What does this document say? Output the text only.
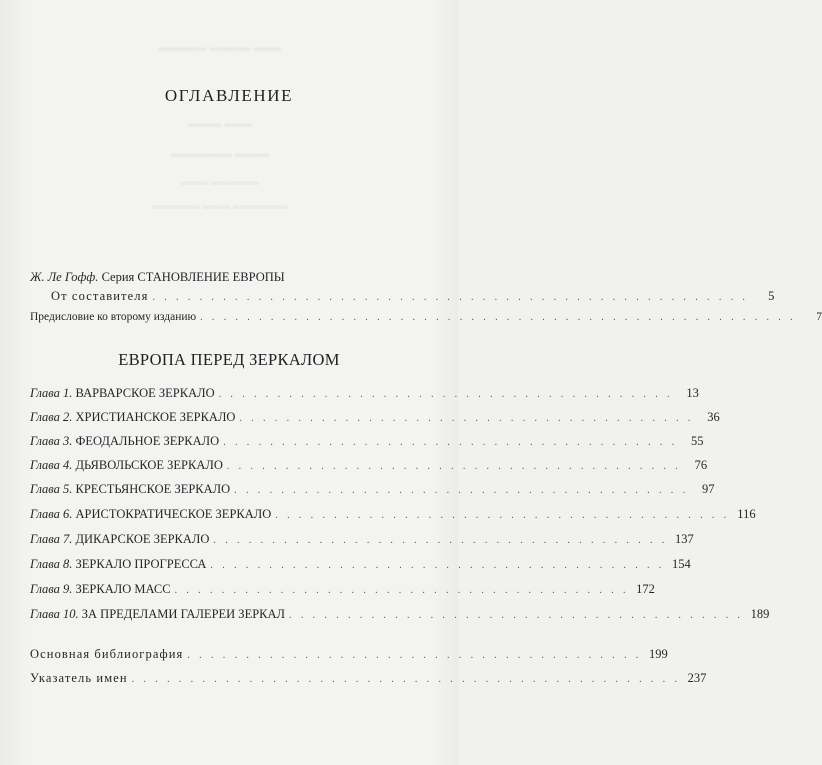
═══════ ══════ ════
═════ ════
═════════ ═════
════ ═══════
═══════ ════ ════════
ОГЛАВЛЕНИЕ
Ж. Ле Гофф. Серия СТАНОВЛЕНИЕ ЕВРОПЫ
От составителя . . . . . . . . . . . . . . . . . . . . . . . . . . . . . . . . . . . . . . . . . . . . . . . . . . .	5
Предисловие ко второму изданию . . . . . . . . . . . . . . . . . . . . . . . . . . . . . . . . . . . . . . . . . . . . . . . . . . .	7
ЕВРОПА ПЕРЕД ЗЕРКАЛОМ
Глава 1. ВАРВАРСКОЕ ЗЕРКАЛО . . . . . . . . . . . . . . . . . . . . . . . . . . . . . . . . . . . . . . .	13
Глава 2. ХРИСТИАНСКОЕ ЗЕРКАЛО . . . . . . . . . . . . . . . . . . . . . . . . . . . . . . . . . . . . . . .	36
Глава 3. ФЕОДАЛЬНОЕ ЗЕРКАЛО . . . . . . . . . . . . . . . . . . . . . . . . . . . . . . . . . . . . . . .	55
Глава 4. ДЬЯВОЛЬСКОЕ ЗЕРКАЛО . . . . . . . . . . . . . . . . . . . . . . . . . . . . . . . . . . . . . . .	76
Глава 5. КРЕСТЬЯНСКОЕ ЗЕРКАЛО . . . . . . . . . . . . . . . . . . . . . . . . . . . . . . . . . . . . . . .	97
Глава 6. АРИСТОКРАТИЧЕСКОЕ ЗЕРКАЛО . . . . . . . . . . . . . . . . . . . . . . . . . . . . . . . . . . . . . . . 116
Глава 7. ДИКАРСКОЕ ЗЕРКАЛО . . . . . . . . . . . . . . . . . . . . . . . . . . . . . . . . . . . . . . . 137
Глава 8. ЗЕРКАЛО ПРОГРЕССА . . . . . . . . . . . . . . . . . . . . . . . . . . . . . . . . . . . . . . . 154
Глава 9. ЗЕРКАЛО МАСС . . . . . . . . . . . . . . . . . . . . . . . . . . . . . . . . . . . . . . . 172
Глава 10. ЗА ПРЕДЕЛАМИ ГАЛЕРЕИ ЗЕРКАЛ . . . . . . . . . . . . . . . . . . . . . . . . . . . . . . . . . . . . . . . 189
Основная библиография . . . . . . . . . . . . . . . . . . . . . . . . . . . . . . . . . . . . . . . 199
Указатель имен . . . . . . . . . . . . . . . . . . . . . . . . . . . . . . . . . . . . . . . . . . . . . . . 237
